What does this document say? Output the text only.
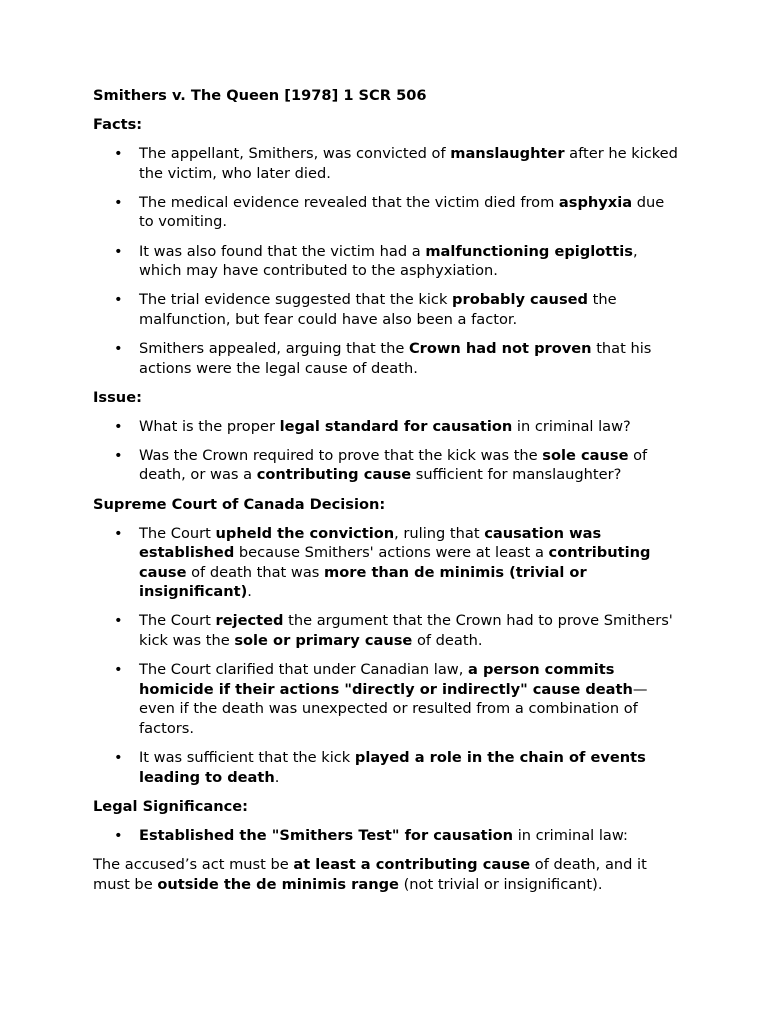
Smithers v. The Queen [1978] 1 SCR 506
Facts:
• The appellant, Smithers, was convicted of manslaughter after he kicked the victim, who later died.
• The medical evidence revealed that the victim died from asphyxia due to vomiting.
• It was also found that the victim had a malfunctioning epiglottis, which may have contributed to the asphyxiation.
• The trial evidence suggested that the kick probably caused the malfunction, but fear could have also been a factor.
• Smithers appealed, arguing that the Crown had not proven that his actions were the legal cause of death.
Issue:
• What is the proper legal standard for causation in criminal law?
• Was the Crown required to prove that the kick was the sole cause of death, or was a contributing cause sufficient for manslaughter?
Supreme Court of Canada Decision:
• The Court upheld the conviction, ruling that causation was established because Smithers' actions were at least a contributing cause of death that was more than de minimis (trivial or insignificant).
• The Court rejected the argument that the Crown had to prove Smithers' kick was the sole or primary cause of death.
• The Court clarified that under Canadian law, a person commits homicide if their actions "directly or indirectly" cause death—even if the death was unexpected or resulted from a combination of factors.
• It was sufficient that the kick played a role in the chain of events leading to death.
Legal Significance:
• Established the "Smithers Test" for causation in criminal law:

The accused’s act must be at least a contributing cause of death, and it must be outside the de minimis range (not trivial or insignificant).
